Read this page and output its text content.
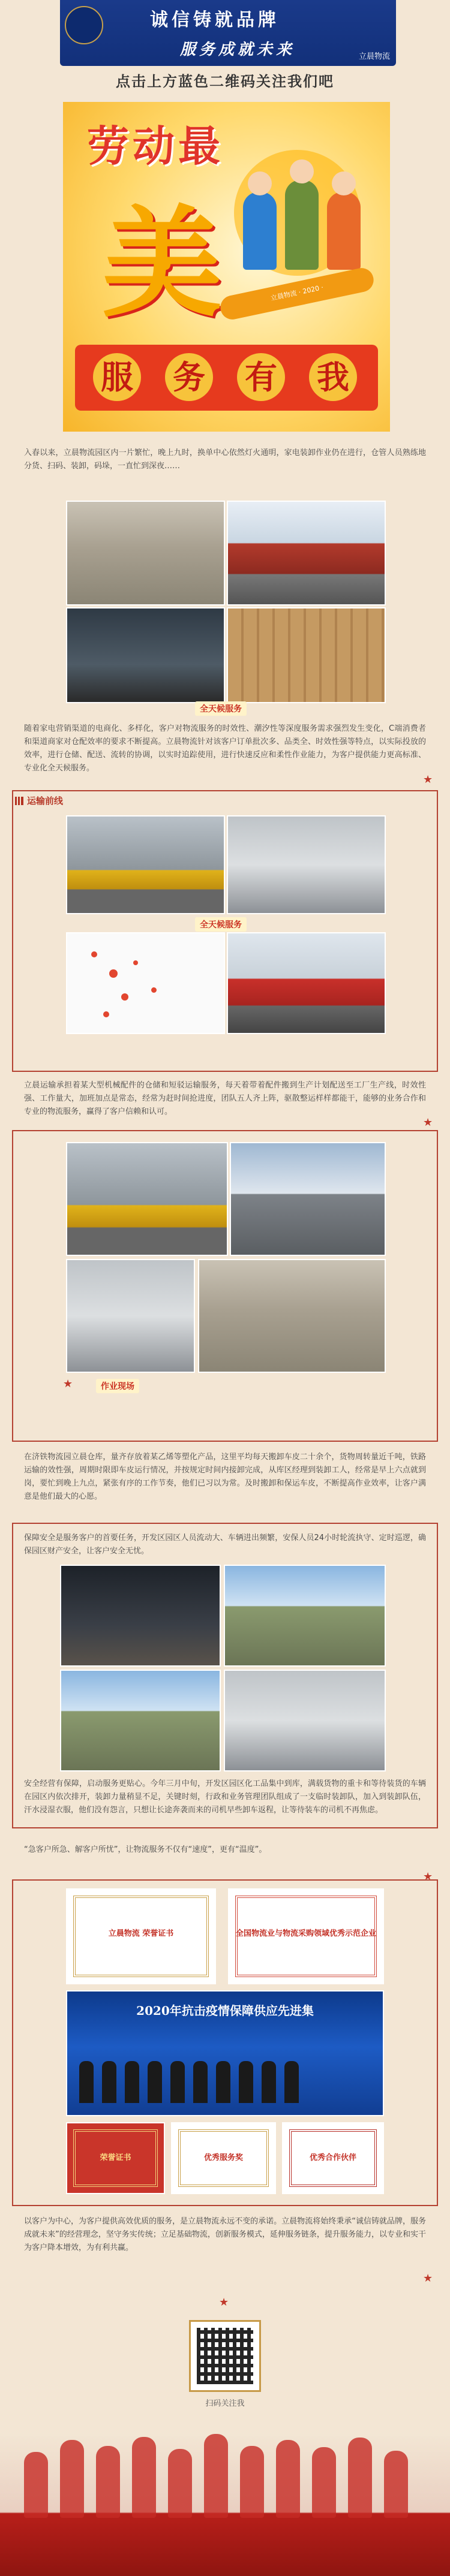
诚信铸就品牌
服务成就未来	立晨物流
点击上方蓝色二维码关注我们吧
劳动最
美	立晨物流 · 2020 ·
服 务 有 我
入春以来，立晨物流园区内一片繁忙，晚上九时，换单中心依然灯火通明，家电装卸作业仍在进行，仓管人员熟练地分货、扫码、装卸，码垛，一直忙到深夜……
全天候服务
随着家电营销渠道的电商化、多样化，客户对物流服务的时效性、潮汐性等深度服务需求强烈发生变化，C端消费者和渠道商家对仓配效率的要求不断提高。立晨物流针对该客户订单批次多、品类全、时效性强等特点，以实际投放的效率，进行仓储、配送、流转的协调，以实时追踪使用，进行快速反应和柔性作业能力，为客户提供能力更高标准、专业化全天候服务。
★
运输前线
全天候服务
立晨运输承担着某大型机械配件的仓储和短驳运输服务，每天着带着配件搬到生产计划配送至工厂生产线，时效性强、工作量大，加班加点是常态，经常为赶时间抢进度，团队五人齐上阵，驱散整运样样都能干，能够的业务合作和专业的物流服务，赢得了客户信赖和认可。
★
作业现场
★
在济铁物流园立晨仓库，量齐存放着某乙烯等塑化产品，这里平均每天搬卸车皮二十余个，货物周转量近千吨，铁路运输的效性强，周期时限即车皮运行情况，并按规定时间内接卸完成，从库区经理到装卸工人，经常是早上六点就到岗，要忙到晚上九点，紧张有序的工作节奏，他们已习以为常。及时搬卸和保运车皮，不断提高作业效率，让客户满意是他们最大的心愿。
保障安全是服务客户的首要任务，开发区园区人员流动大、车辆进出频繁，安保人员24小时轮流执守、定时巡逻，确保园区财产安全，让客户安全无忧。
安全经营有保障，启动服务更贴心。今年三月中旬，开发区园区化工品集中到库，满载货物的重卡和等待装货的车辆在园区内依次排开，装卸力量稍显不足，关键时刻，行政和业务管理团队组成了一支临时装卸队，加入到装卸队伍，汗水浸湿衣服，他们没有怨言，只想让长途奔袭而来的司机早些卸车返程，让等待装车的司机不再焦虑。
“急客户所急、解客户所忧”，让物流服务不仅有“速度”，更有“温度”。
★
立晨物流 荣誉证书	全国物流业与物流采购领域优秀示范企业
2020年抗击疫情保障供应先进集
荣誉证书	优秀服务奖	优秀合作伙伴
以客户为中心，为客户提供高效优质的服务，是立晨物流永远不变的承诺。立晨物流将始终秉承“诚信铸就品牌，服务成就未来”的经营理念，坚守务实传统；立足基础物流，创新服务模式，延伸服务链条，提升服务能力，以专业和实干为客户降本增效，为有利共赢。
★
★
扫码关注我
